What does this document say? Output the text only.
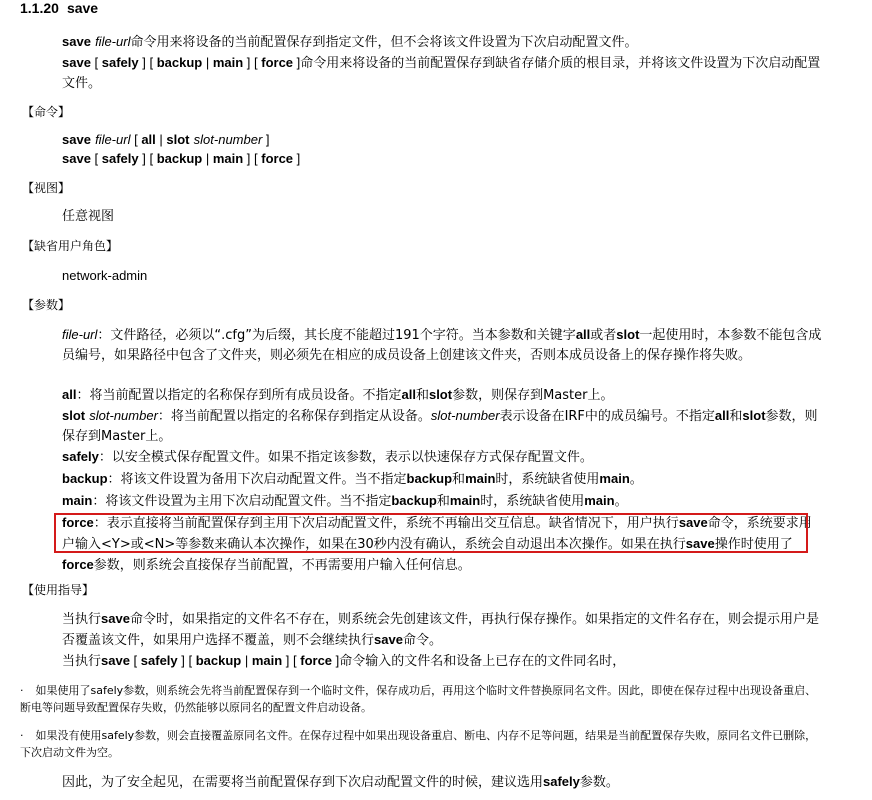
1.1.20 save
save file-url命令用来将设备的当前配置保存到指定文件，但不会将该文件设置为下次启动配置文件。
save [ safely ] [ backup | main ] [ force ]命令用来将设备的当前配置保存到缺省存储介质的根目录，并将该文件设置为下次启动配置文件。
【命令】
save file-url [ all | slot slot-number ]
save [ safely ] [ backup | main ] [ force ]
【视图】
任意视图
【缺省用户角色】
network-admin
【参数】
file-url：文件路径，必须以“.cfg”为后缀，其长度不能超过191个字符。当本参数和关键字all或者slot一起使用时，本参数不能包含成员编号，如果路径中包含了文件夹，则必须先在相应的成员设备上创建该文件夹，否则本成员设备上的保存操作将失败。
all：将当前配置以指定的名称保存到所有成员设备。不指定all和slot参数，则保存到Master上。
slot slot-number：将当前配置以指定的名称保存到指定从设备。slot-number表示设备在IRF中的成员编号。不指定all和slot参数，则保存到Master上。
safely：以安全模式保存配置文件。如果不指定该参数，表示以快速保存方式保存配置文件。
backup：将该文件设置为备用下次启动配置文件。当不指定backup和main时，系统缺省使用main。
main：将该文件设置为主用下次启动配置文件。当不指定backup和main时，系统缺省使用main。
force：表示直接将当前配置保存到主用下次启动配置文件，系统不再输出交互信息。缺省情况下，用户执行save命令，系统要求用户输入<Y>或<N>等参数来确认本次操作，如果在30秒内没有确认，系统会自动退出本次操作。如果在执行save操作时使用了force参数，则系统会直接保存当前配置，不再需要用户输入任何信息。
【使用指导】
当执行save命令时，如果指定的文件名不存在，则系统会先创建该文件，再执行保存操作。如果指定的文件名存在，则会提示用户是否覆盖该文件，如果用户选择不覆盖，则不会继续执行save命令。
当执行save [ safely ] [ backup | main ] [ force ]命令输入的文件名和设备上已存在的文件同名时，
· 如果使用了safely参数，则系统会先将当前配置保存到一个临时文件，保存成功后，再用这个临时文件替换原同名文件。因此，即使在保存过程中出现设备重启、断电等问题导致配置保存失败，仍然能够以原同名的配置文件启动设备。
· 如果没有使用safely参数，则会直接覆盖原同名文件。在保存过程中如果出现设备重启、断电、内存不足等问题，结果是当前配置保存失败，原同名文件已删除，下次启动文件为空。
因此，为了安全起见，在需要将当前配置保存到下次启动配置文件的时候，建议选用safely参数。
